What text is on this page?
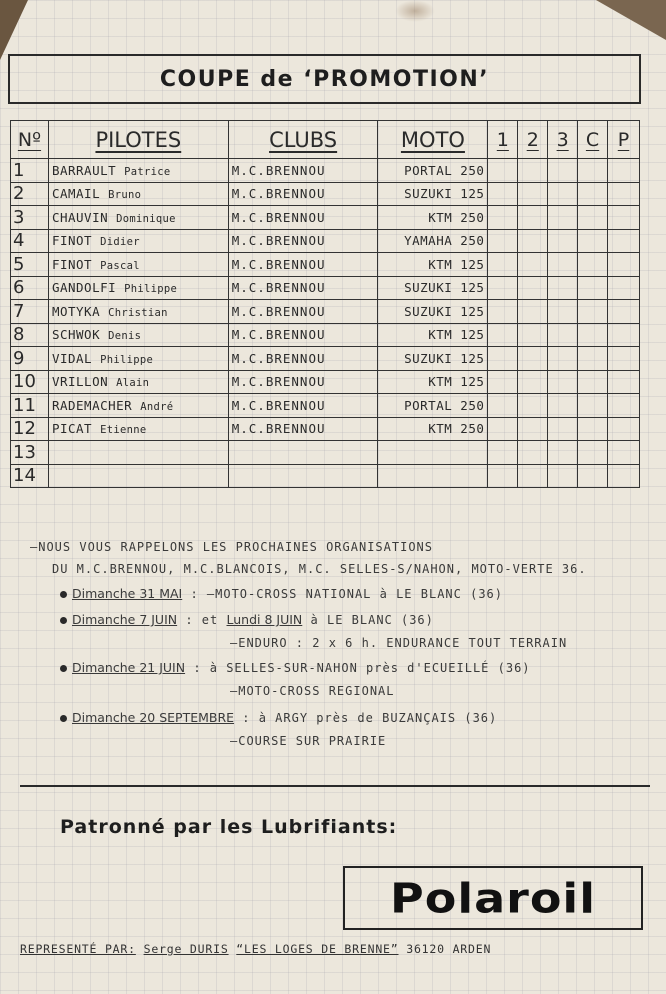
COUPE de ‘PROMOTION’
Nº	PILOTES	CLUBS	MOTO	1	2	3	C	P
1	BARRAULT Patrice	M.C.BRENNOU	PORTAL 250					
2	CAMAIL Bruno	M.C.BRENNOU	SUZUKI 125					
3	CHAUVIN Dominique	M.C.BRENNOU	KTM 250					
4	FINOT Didier	M.C.BRENNOU	YAMAHA 250					
5	FINOT Pascal	M.C.BRENNOU	KTM 125					
6	GANDOLFI Philippe	M.C.BRENNOU	SUZUKI 125					
7	MOTYKA Christian	M.C.BRENNOU	SUZUKI 125					
8	SCHWOK Denis	M.C.BRENNOU	KTM 125					
9	VIDAL Philippe	M.C.BRENNOU	SUZUKI 125					
10	VRILLON Alain	M.C.BRENNOU	KTM 125					
11	RADEMACHER André	M.C.BRENNOU	PORTAL 250					
12	PICAT Etienne	M.C.BRENNOU	KTM 250					
13								
14								
—NOUS VOUS RAPPELONS LES PROCHAINES ORGANISATIONS
DU M.C.BRENNOU, M.C.BLANCOIS, M.C. SELLES-S/NAHON, MOTO-VERTE 36.
Dimanche 31 MAI : —MOTO-CROSS NATIONAL à LE BLANC (36)
Dimanche 7 JUIN : et Lundi 8 JUIN à LE BLANC (36)
—ENDURO : 2 x 6 h. ENDURANCE TOUT TERRAIN
Dimanche 21 JUIN : à SELLES-SUR-NAHON près d'ECUEILLÉ (36)
—MOTO-CROSS REGIONAL
Dimanche 20 SEPTEMBRE : à ARGY près de BUZANÇAIS (36)
—COURSE SUR PRAIRIE
Patronné par les Lubrifiants:
Polaroil
REPRESENTÉ PAR: Serge DURIS “LES LOGES DE BRENNE” 36120 ARDEN
